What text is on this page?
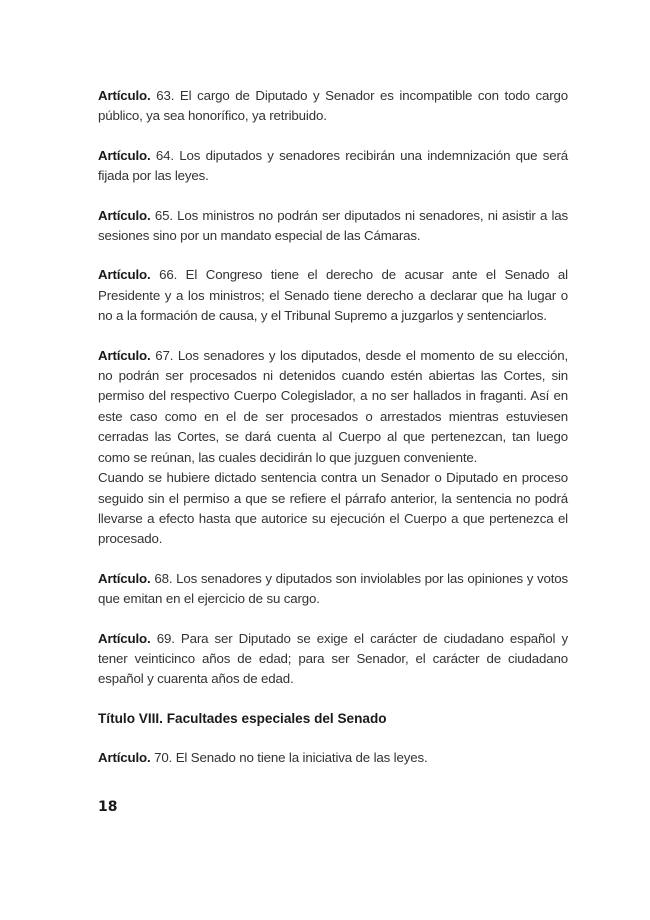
Artículo. 63. El cargo de Diputado y Senador es incompatible con todo cargo público, ya sea honorífico, ya retribuido.

Artículo. 64. Los diputados y senadores recibirán una indemnización que será fijada por las leyes.

Artículo. 65. Los ministros no podrán ser diputados ni senadores, ni asistir a las sesiones sino por un mandato especial de las Cámaras.

Artículo. 66. El Congreso tiene el derecho de acusar ante el Senado al Presidente y a los ministros; el Senado tiene derecho a declarar que ha lugar o no a la formación de causa, y el Tribunal Supremo a juzgarlos y sentenciarlos.

Artículo. 67. Los senadores y los diputados, desde el momento de su elección, no podrán ser procesados ni detenidos cuando estén abiertas las Cortes, sin permiso del respectivo Cuerpo Colegislador, a no ser hallados in fraganti. Así en este caso como en el de ser procesados o arrestados mientras estuviesen cerradas las Cortes, se dará cuenta al Cuerpo al que pertenezcan, tan luego como se reúnan, las cuales decidirán lo que juzguen conveniente.
Cuando se hubiere dictado sentencia contra un Senador o Diputado en proceso seguido sin el permiso a que se refiere el párrafo anterior, la sentencia no podrá llevarse a efecto hasta que autorice su ejecución el Cuerpo a que pertenezca el procesado.

Artículo. 68. Los senadores y diputados son inviolables por las opiniones y votos que emitan en el ejercicio de su cargo.

Artículo. 69. Para ser Diputado se exige el carácter de ciudadano español y tener veinticinco años de edad; para ser Senador, el carácter de ciudadano español y cuarenta años de edad.

Título VIII. Facultades especiales del Senado

Artículo. 70. El Senado no tiene la iniciativa de las leyes.

18
